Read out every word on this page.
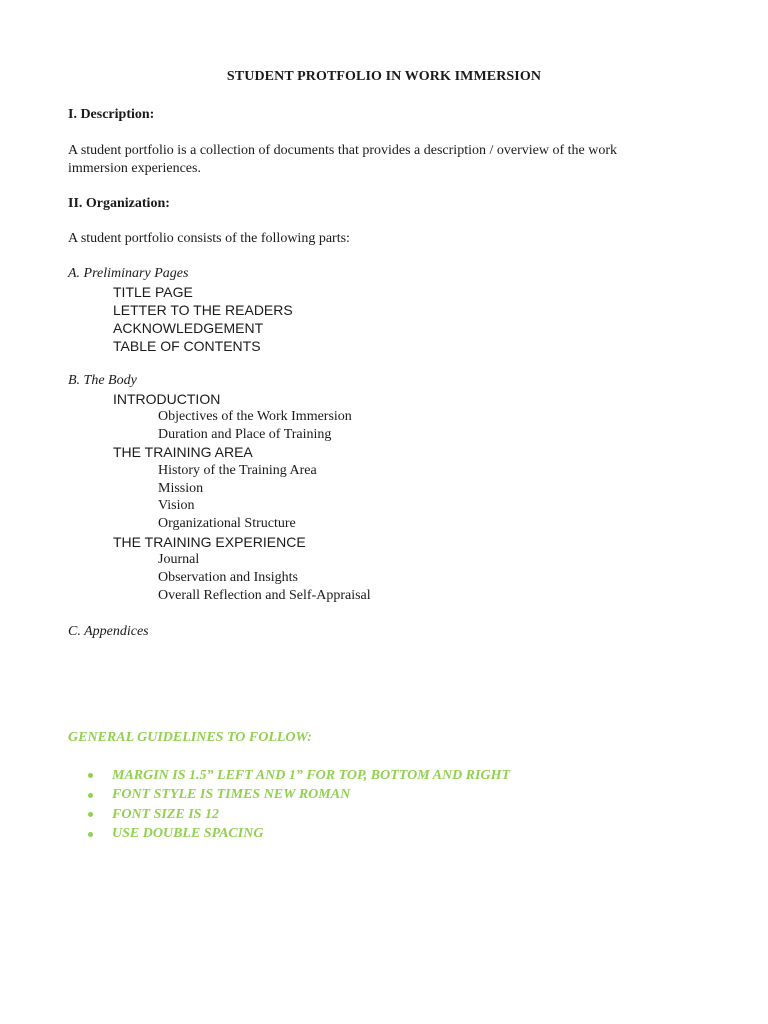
STUDENT PROTFOLIO IN WORK IMMERSION
I. Description:
A student portfolio is a collection of documents that provides a description / overview of the work immersion experiences.
II. Organization:
A student portfolio consists of the following parts:
A. Preliminary Pages
TITLE PAGE
LETTER TO THE READERS
ACKNOWLEDGEMENT
TABLE OF CONTENTS
B. The Body
INTRODUCTION
Objectives of the Work Immersion
Duration and Place of Training
THE TRAINING AREA
History of the Training Area
Mission
Vision
Organizational Structure
THE TRAINING EXPERIENCE
Journal
Observation and Insights
Overall Reflection and Self-Appraisal
C. Appendices
GENERAL GUIDELINES TO FOLLOW:
MARGIN IS 1.5” LEFT AND 1” FOR TOP, BOTTOM AND RIGHT
FONT STYLE IS TIMES NEW ROMAN
FONT SIZE IS 12
USE DOUBLE SPACING
